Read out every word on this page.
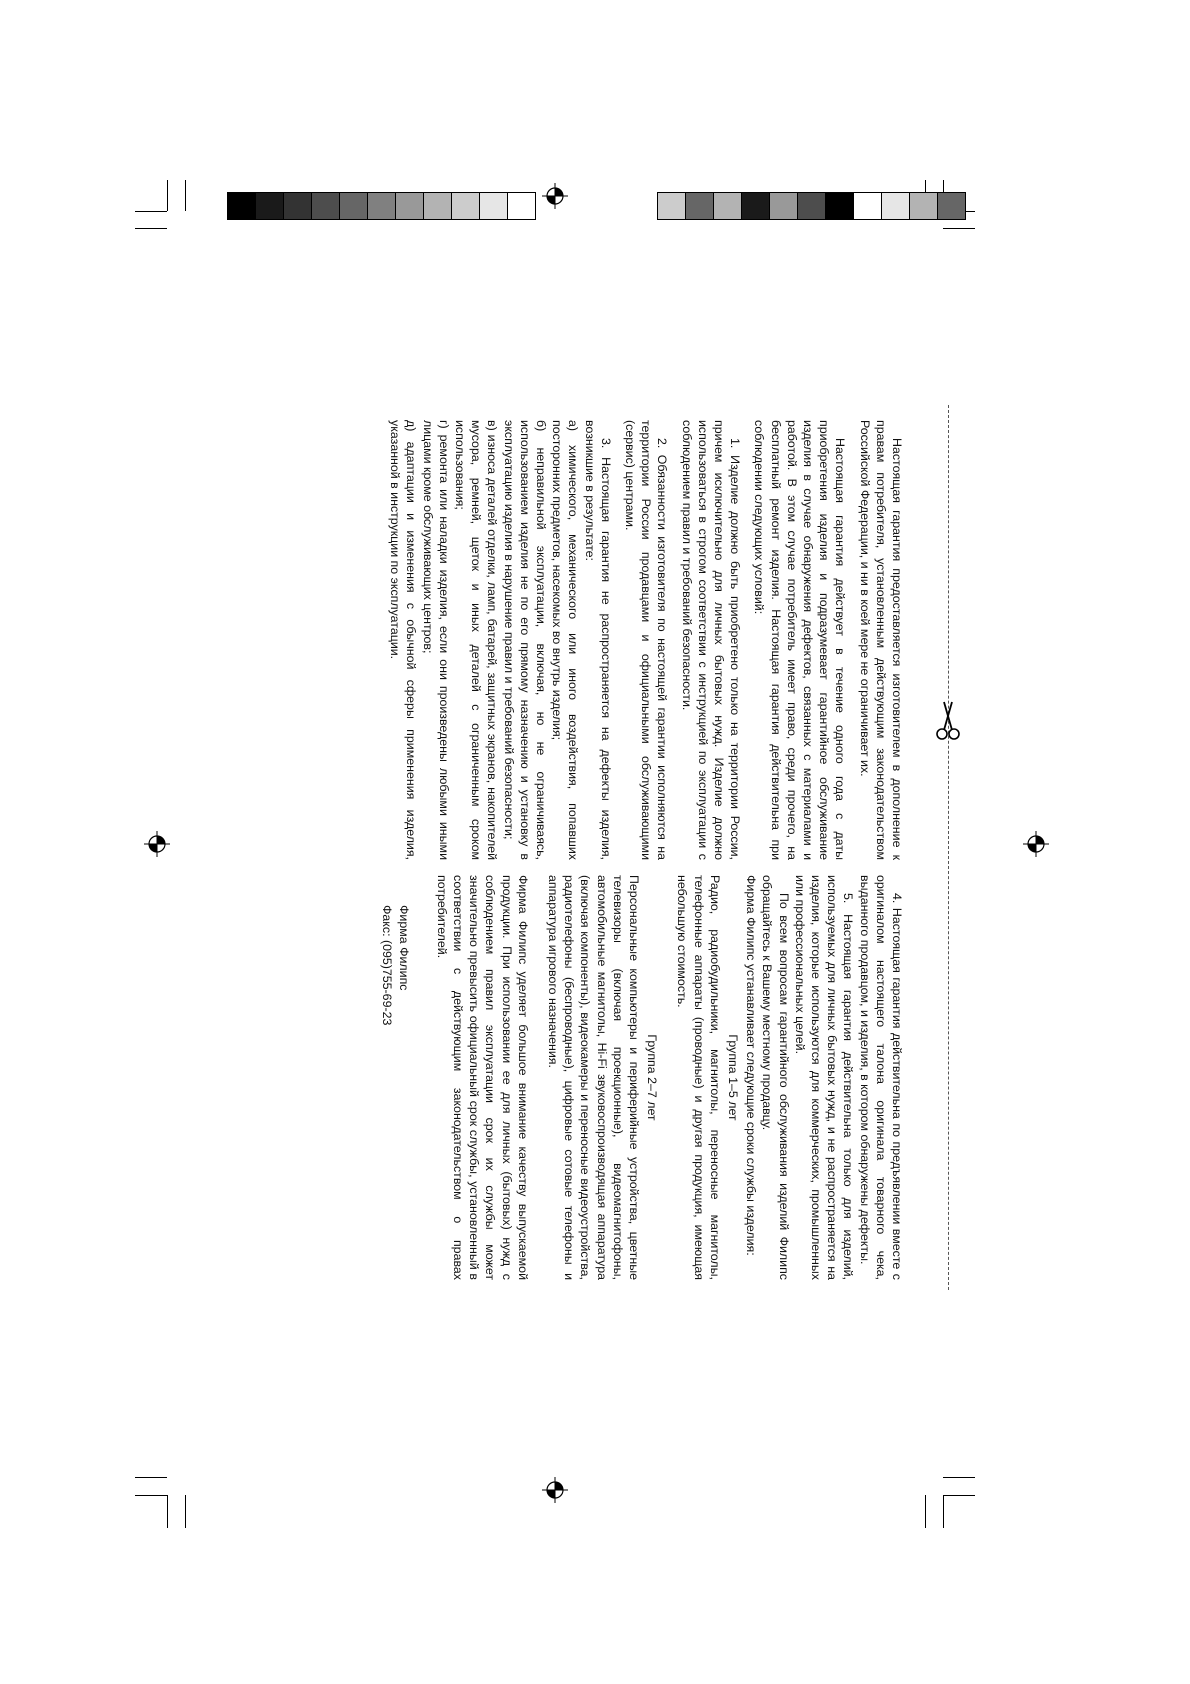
Настоящая гарантия предоставляется изготовителем в дополнение к правам потребителя, установленным действующим законодательством Российской Федерации, и ни в коей мере не ограничивает их.

Настоящая гарантия действует в течение одного года с даты приобретения изделия и подразумевает гарантийное обслуживание изделия в случае обнаружения дефектов, связанных с материалами и работой. В этом случае потребитель имеет право, среди прочего, на бесплатный ремонт изделия. Настоящая гарантия действительна при соблюдении следующих условий:

1. Изделие должно быть приобретено только на территории России, причем исключительно для личных бытовых нужд. Изделие должно использоваться в строгом соответствии с инструкцией по эксплуатации с соблюдением правил и требований безопасности.

2. Обязанности изготовителя по настоящей гарантии исполняются на территории России продавцами и официальными обслуживающими (сервис) центрами.

3. Настоящая гарантия не распространяется на дефекты изделия, возникшие в результате:

а) химического, механического или иного воздействия, попавших посторонних предметов, насекомых во внутрь изделия;

б) неправильной эксплуатации, включая, но не ограничиваясь, использованием изделия не по его прямому назначению и установку в эксплуатацию изделия в нарушение правил и требований безопасности;

в) износа деталей отделки, ламп, батарей, защитных экранов, накопителей мусора, ремней, щеток и иных деталей с ограниченным сроком использования;

г) ремонта или наладки изделия, если они произведены любыми иными лицами кроме обслуживающих центров;

д) адаптации и изменения с обычной сферы применения изделия, указанной в инструкции по эксплуатации.

4. Настоящая гарантия действительна по предъявлении вместе с оригиналом настоящего талона оригинала товарного чека, выданного продавцом, и изделия, в котором обнаружены дефекты.

5. Настоящая гарантия действительна только для изделий, используемых для личных бытовых нужд, и не распространяется на изделия, которые используются для коммерческих, промышленных или профессиональных целей.

По всем вопросам гарантийного обслуживания изделий Филипс обращайтесь к Вашему местному продавцу.

Фирма Филипс устанавливает следующие сроки службы изделия:

Группа 1–5 лет

Радио, радиобудильники, магнитолы, переносные магнитолы, телефонные аппараты (проводные) и другая продукция, имеющая небольшую стоимость.

Группа 2–7 лет

Персональные компьютеры и периферийные устройства, цветные телевизоры (включая проекционные), видеомагнитофоны, автомобильные магнитолы, Hi-Fi звуковоспроизводящая аппаратура (включая компоненты), видеокамеры и переносные видеоустройства, радиотелефоны (беспроводные), цифровые сотовые телефоны и аппаратура игрового назначения.

Фирма Филипс уделяет большое внимание качеству выпускаемой продукции. При использовании ее для личных (бытовых) нужд с соблюдением правил эксплуатации срок их службы может значительно превысить официальный срок службы, установленный в соответствии с действующим законодательством о правах потребителей.

Фирма Филипс

Факс: (095)755-69-23
